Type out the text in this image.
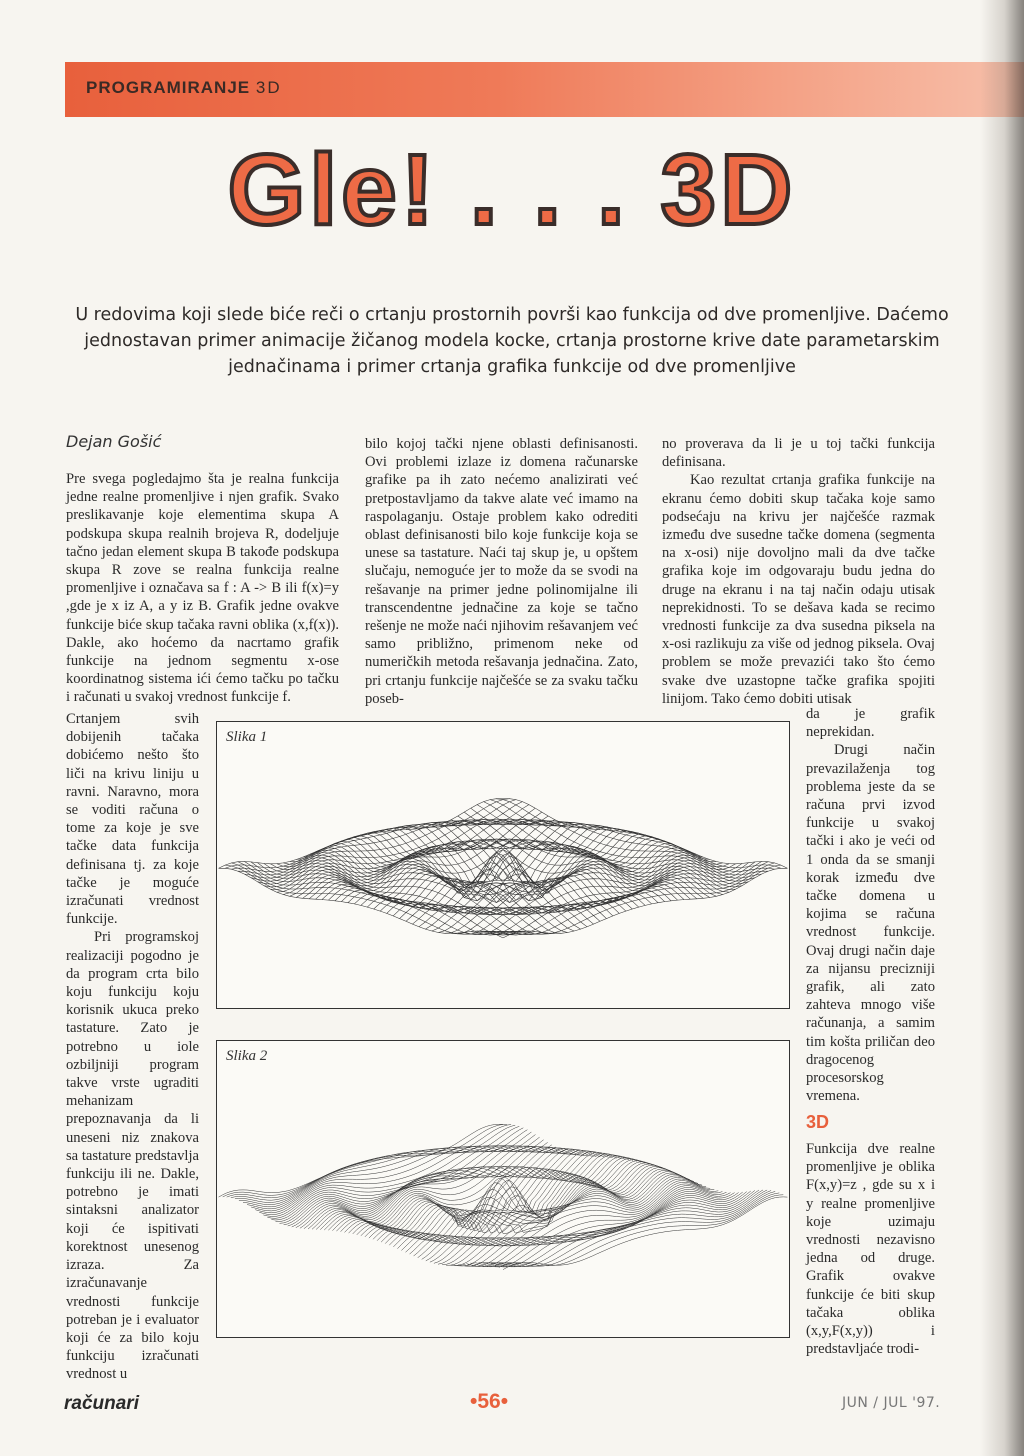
PROGRAMIRANJE 3D
Gle! . . . 3D
U redovima koji slede biće reči o crtanju prostornih površi kao funkcija od dve promenljive. Daćemo jednostavan primer animacije žičanog modela kocke, crtanja prostorne krive date parametarskim jednačinama i primer crtanja grafika funkcije od dve promenljive
Dejan Gošić

Pre svega pogledajmo šta je realna funkcija jedne realne promenljive i njen grafik. Svako preslikavanje koje elementima skupa A podskupa skupa realnih brojeva R, dodeljuje tačno jedan element skupa B takođe podskupa skupa R zove se realna funkcija realne promenljive i označava sa f : A -> B ili f(x)=y ,gde je x iz A, a y iz B. Grafik jedne ovakve funkcije biće skup tačaka ravni oblika (x,f(x)). Dakle, ako hoćemo da nacrtamo grafik funkcije na jednom segmentu x-ose koordinatnog sistema ići ćemo tačku po tačku i računati u svakoj vrednost funkcije f.

Crtanjem svih dobijenih tačaka dobićemo nešto što liči na krivu liniju u ravni. Naravno, mora se voditi računa o tome za koje je sve tačke data funkcija definisana tj. za koje tačke je moguće izračunati vrednost funkcije.

Pri programskoj realizaciji pogodno je da program crta bilo koju funkciju koju korisnik ukuca preko tastature. Zato je potrebno u iole ozbiljniji program takve vrste ugraditi mehanizam prepoznavanja da li uneseni niz znakova sa tastature predstavlja funkciju ili ne. Dakle, potrebno je imati sintaksni analizator koji će ispitivati korektnost unesenog izraza. Za izračunavanje vrednosti funkcije potreban je i evaluator koji će za bilo koju funkciju izračunati vrednost u

bilo kojoj tački njene oblasti definisanosti. Ovi problemi izlaze iz domena računarske grafike pa ih zato nećemo analizirati već pretpostavljamo da takve alate već imamo na raspolaganju. Ostaje problem kako odrediti oblast definisanosti bilo koje funkcije koja se unese sa tastature. Naći taj skup je, u opštem slučaju, nemoguće jer to može da se svodi na rešavanje na primer jedne polinomijalne ili transcendentne jednačine za koje se tačno rešenje ne može naći njihovim rešavanjem već samo približno, primenom neke od numeričkih metoda rešavanja jednačina. Zato, pri crtanju funkcije najčešće se za svaku tačku poseb-

no proverava da li je u toj tački funkcija definisana.

Kao rezultat crtanja grafika funkcije na ekranu ćemo dobiti skup tačaka koje samo podsećaju na krivu jer najčešće razmak između dve susedne tačke domena (segmenta na x-osi) nije dovoljno mali da dve tačke grafika koje im odgovaraju budu jedna do druge na ekranu i na taj način odaju utisak neprekidnosti. To se dešava kada se recimo vrednosti funkcije za dva susedna piksela na x-osi razlikuju za više od jednog piksela. Ovaj problem se može prevazići tako što ćemo svake dve uzastopne tačke grafika spojiti linijom. Tako ćemo dobiti utisak

da je grafik neprekidan.

Drugi način prevazilaženja tog problema jeste da se računa prvi izvod funkcije u svakoj tački i ako je veći od 1 onda da se smanji korak između dve tačke domena u kojima se računa vrednost funkcije. Ovaj drugi način daje za nijansu precizniji grafik, ali zato zahteva mnogo više računanja, a samim tim košta priličan deo dragocenog procesorskog vremena.

3D

Funkcija dve realne promenljive je oblika F(x,y)=z , gde su x i y realne promenljive koje uzimaju vrednosti nezavisno jedna od druge. Grafik ovakve funkcije će biti skup tačaka oblika (x,y,F(x,y)) i predstavljaće trodi-

Slika 1
Slika 2
računari	•56•	JUN / JUL '97.
